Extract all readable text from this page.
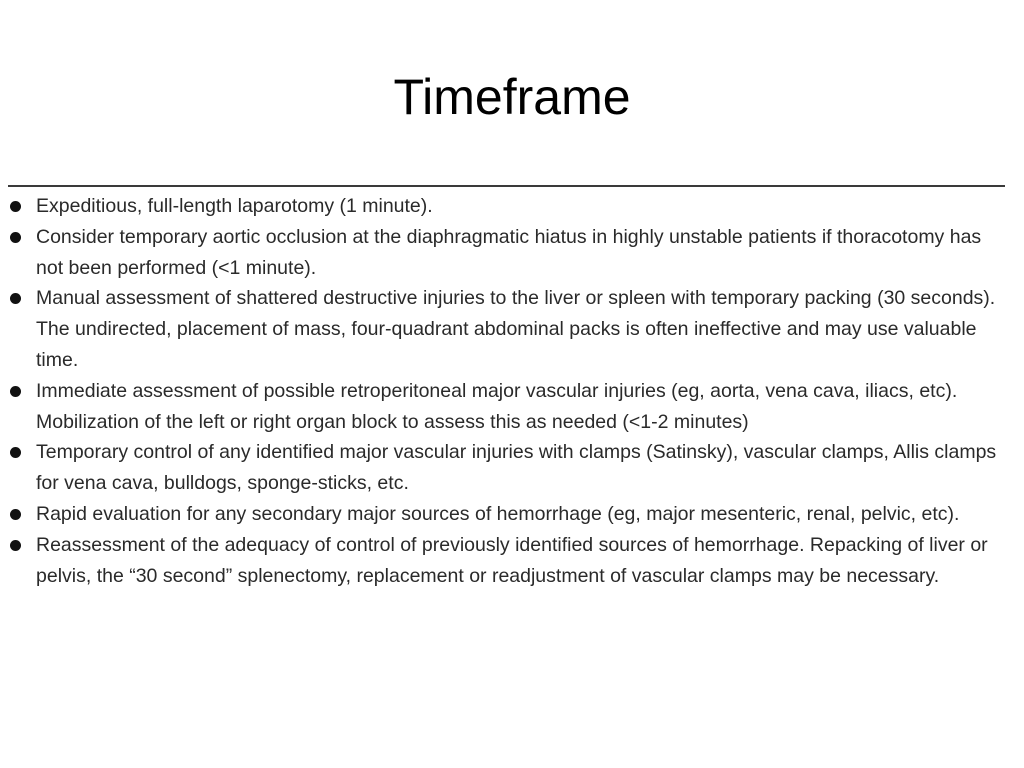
Timeframe
Expeditious, full-length laparotomy (1 minute).
Consider temporary aortic occlusion at the diaphragmatic hiatus in highly unstable patients if thoracotomy has not been performed (<1 minute).
Manual assessment of shattered destructive injuries to the liver or spleen with temporary packing (30 seconds). The undirected, placement of mass, four-quadrant abdominal packs is often ineffective and may use valuable time.
Immediate assessment of possible retroperitoneal major vascular injuries (eg, aorta, vena cava, iliacs, etc). Mobilization of the left or right organ block to assess this as needed (<1-2 minutes)
Temporary control of any identified major vascular injuries with clamps (Satinsky), vascular clamps, Allis clamps for vena cava, bulldogs, sponge-sticks, etc.
Rapid evaluation for any secondary major sources of hemorrhage (eg, major mesenteric, renal, pelvic, etc).
Reassessment of the adequacy of control of previously identified sources of hemorrhage. Repacking of liver or pelvis, the “30 second” splenectomy, replacement or readjustment of vascular clamps may be necessary.
